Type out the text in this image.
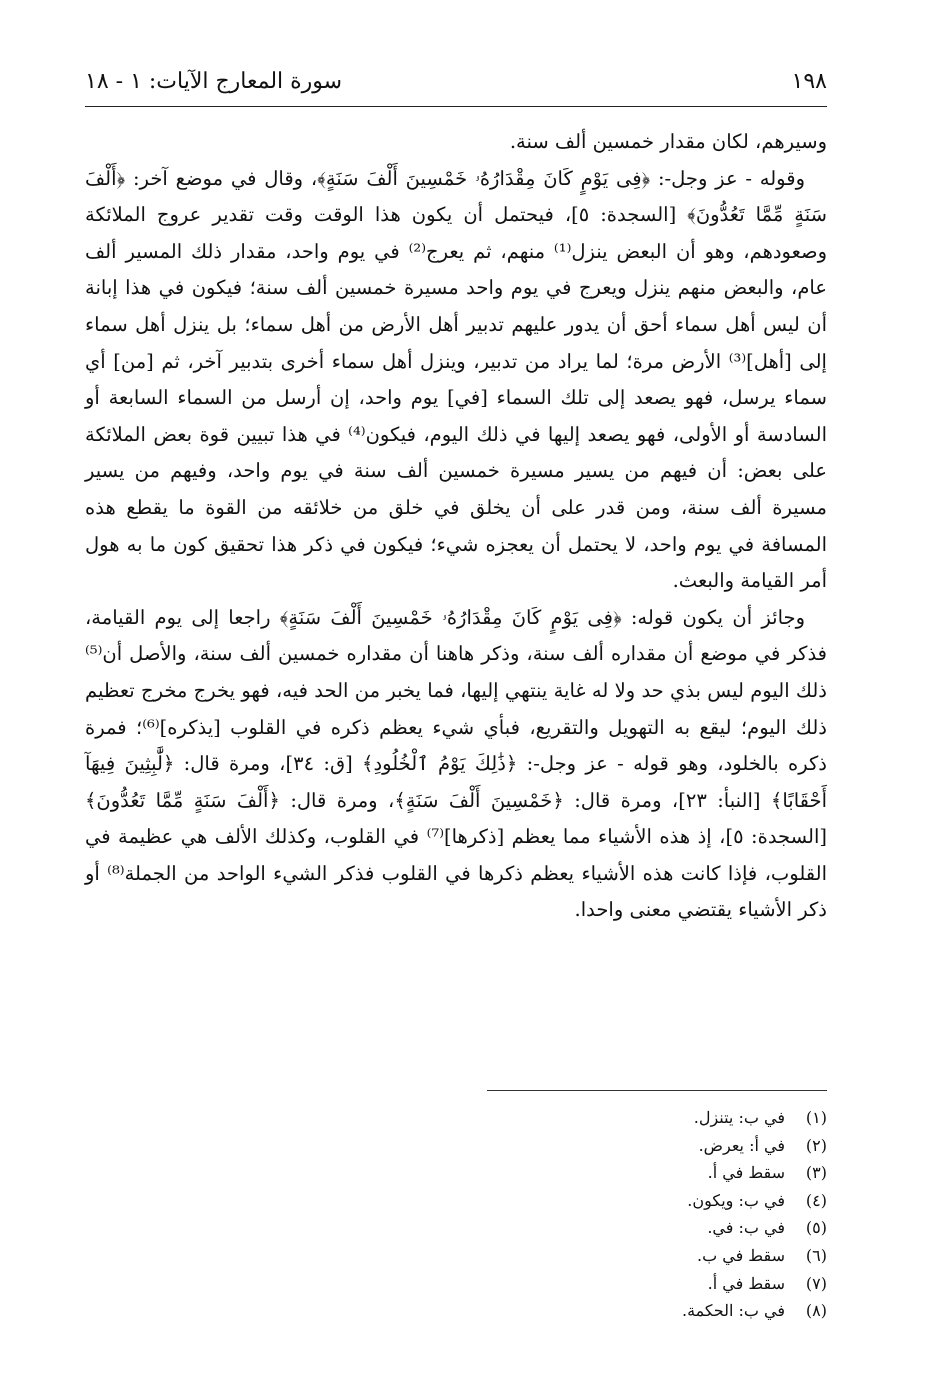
١٩٨
سورة المعارج الآيات: ١ - ١٨

وسيرهم، لكان مقدار خمسين ألف سنة.

وقوله - عز وجل-: ﴿فِى يَوْمٍ كَانَ مِقْدَارُهُۥ خَمْسِينَ أَلْفَ سَنَةٍ﴾، وقال في موضع آخر: ﴿أَلْفَ سَنَةٍ مِّمَّا تَعُدُّونَ﴾ [السجدة: ٥]، فيحتمل أن يكون هذا الوقت وقت تقدير عروج الملائكة وصعودهم، وهو أن البعض ينزل⁽¹⁾ منهم، ثم يعرج⁽²⁾ في يوم واحد، مقدار ذلك المسير ألف عام، والبعض منهم ينزل ويعرج في يوم واحد مسيرة خمسين ألف سنة؛ فيكون في هذا إبانة أن ليس أهل سماء أحق أن يدور عليهم تدبير أهل الأرض من أهل سماء؛ بل ينزل أهل سماء إلى [أهل]⁽³⁾ الأرض مرة؛ لما يراد من تدبير، وينزل أهل سماء أخرى بتدبير آخر، ثم [من] أي سماء يرسل، فهو يصعد إلى تلك السماء [في] يوم واحد، إن أرسل من السماء السابعة أو السادسة أو الأولى، فهو يصعد إليها في ذلك اليوم، فيكون⁽⁴⁾ في هذا تبيين قوة بعض الملائكة على بعض: أن فيهم من يسير مسيرة خمسين ألف سنة في يوم واحد، وفيهم من يسير مسيرة ألف سنة، ومن قدر على أن يخلق في خلق من خلائقه من القوة ما يقطع هذه المسافة في يوم واحد، لا يحتمل أن يعجزه شيء؛ فيكون في ذكر هذا تحقيق كون ما به هول أمر القيامة والبعث.

وجائز أن يكون قوله: ﴿فِى يَوْمٍ كَانَ مِقْدَارُهُۥ خَمْسِينَ أَلْفَ سَنَةٍ﴾ راجعا إلى يوم القيامة، فذكر في موضع أن مقداره ألف سنة، وذكر هاهنا أن مقداره خمسين ألف سنة، والأصل أن⁽⁵⁾ ذلك اليوم ليس بذي حد ولا له غاية ينتهي إليها، فما يخبر من الحد فيه، فهو يخرج مخرج تعظيم ذلك اليوم؛ ليقع به التهويل والتقريع، فبأي شيء يعظم ذكره في القلوب [يذكره]⁽⁶⁾؛ فمرة ذكره بالخلود، وهو قوله - عز وجل-: ﴿ذَٰلِكَ يَوْمُ ٱلْخُلُودِ﴾ [ق: ٣٤]، ومرة قال: ﴿لَّٰبِثِينَ فِيهَآ أَحْقَابًا﴾ [النبأ: ٢٣]، ومرة قال: ﴿خَمْسِينَ أَلْفَ سَنَةٍ﴾، ومرة قال: ﴿أَلْفَ سَنَةٍ مِّمَّا تَعُدُّونَ﴾ [السجدة: ٥]، إذ هذه الأشياء مما يعظم [ذكرها]⁽⁷⁾ في القلوب، وكذلك الألف هي عظيمة في القلوب، فإذا كانت هذه الأشياء يعظم ذكرها في القلوب فذكر الشيء الواحد من الجملة⁽⁸⁾ أو ذكر الأشياء يقتضي معنى واحدا.

(١)
في ب: يتنزل.
(٢)
في أ: يعرض.
(٣)
سقط في أ.
(٤)
في ب: ويكون.
(٥)
في ب: في.
(٦)
سقط في ب.
(٧)
سقط في أ.
(٨)
في ب: الحكمة.
